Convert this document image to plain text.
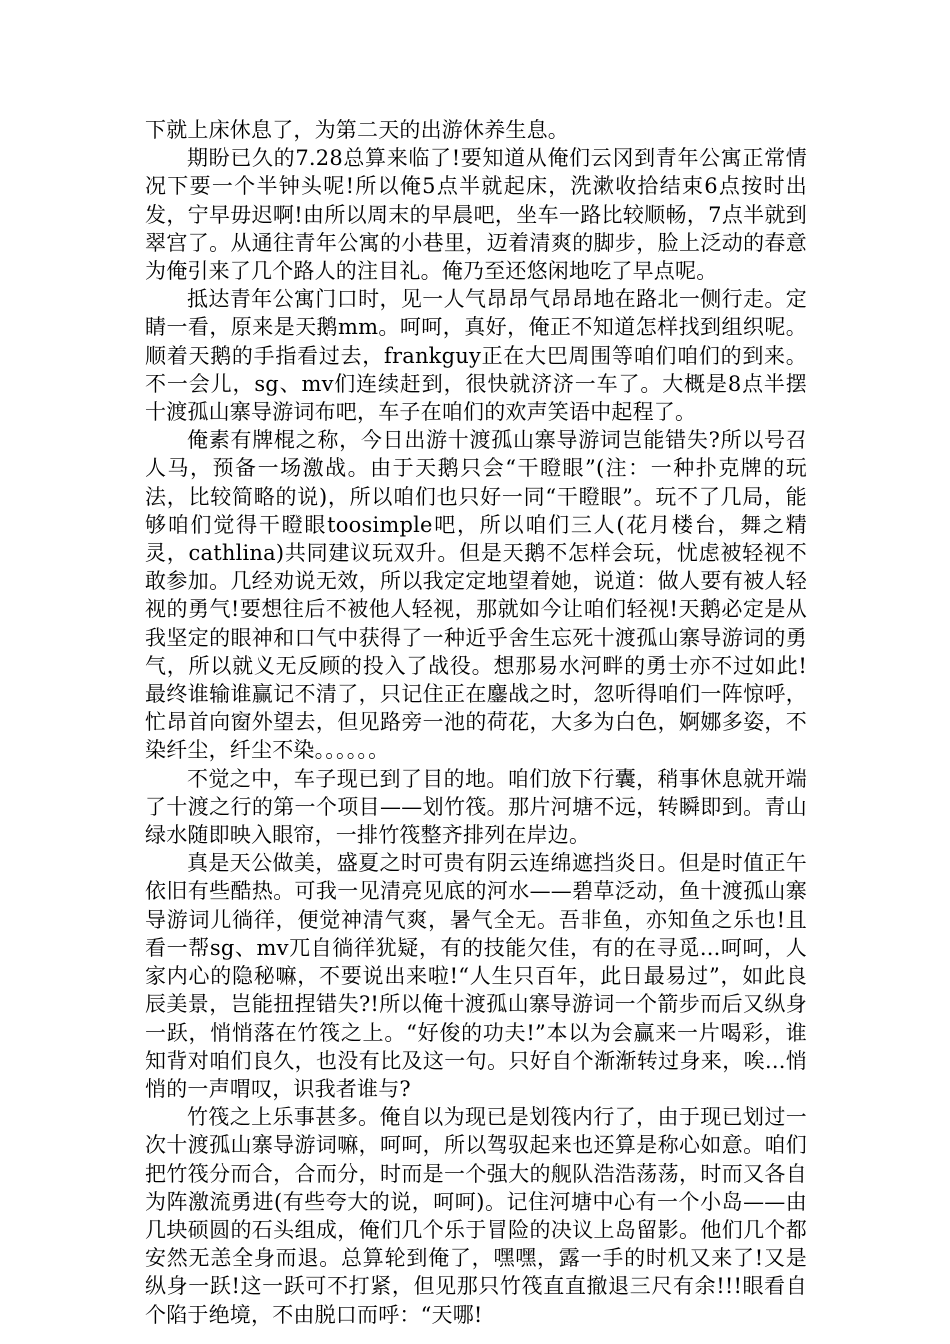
下就上床休息了，为第二天的出游休养生息。

期盼已久的7.28总算来临了!要知道从俺们云冈到青年公寓正常情况下要一个半钟头呢!所以俺5点半就起床，洗漱收拾结束6点按时出发，宁早毋迟啊!由所以周末的早晨吧，坐车一路比较顺畅，7点半就到翠宫了。从通往青年公寓的小巷里，迈着清爽的脚步，脸上泛动的春意为俺引来了几个路人的注目礼。俺乃至还悠闲地吃了早点呢。

抵达青年公寓门口时，见一人气昂昂气昂昂地在路北一侧行走。定睛一看，原来是天鹅mm。呵呵，真好，俺正不知道怎样找到组织呢。顺着天鹅的手指看过去，frankguy正在大巴周围等咱们咱们的到来。不一会儿，sg、mv们连续赶到，很快就济济一车了。大概是8点半摆十渡孤山寨导游词布吧，车子在咱们的欢声笑语中起程了。

俺素有牌棍之称，今日出游十渡孤山寨导游词岂能错失?所以号召人马，预备一场激战。由于天鹅只会“干瞪眼”(注：一种扑克牌的玩法，比较简略的说)，所以咱们也只好一同“干瞪眼”。玩不了几局，能够咱们觉得干瞪眼toosimple吧，所以咱们三人(花月楼台，舞之精灵，cathlina)共同建议玩双升。但是天鹅不怎样会玩，忧虑被轻视不敢参加。几经劝说无效，所以我定定地望着她，说道：做人要有被人轻视的勇气!要想往后不被他人轻视，那就如今让咱们轻视!天鹅必定是从我坚定的眼神和口气中获得了一种近乎舍生忘死十渡孤山寨导游词的勇气，所以就义无反顾的投入了战役。想那易水河畔的勇士亦不过如此!最终谁输谁赢记不清了，只记住正在鏖战之时，忽听得咱们一阵惊呼，忙昂首向窗外望去，但见路旁一池的荷花，大多为白色，婀娜多姿，不染纤尘，纤尘不染。。。。。。

不觉之中，车子现已到了目的地。咱们放下行囊，稍事休息就开端了十渡之行的第一个项目——划竹筏。那片河塘不远，转瞬即到。青山绿水随即映入眼帘，一排竹筏整齐排列在岸边。

真是天公做美，盛夏之时可贵有阴云连绵遮挡炎日。但是时值正午依旧有些酷热。可我一见清亮见底的河水——碧草泛动，鱼十渡孤山寨导游词儿徜徉，便觉神清气爽，暑气全无。吾非鱼，亦知鱼之乐也!且看一帮sg、mv兀自徜徉犹疑，有的技能欠佳，有的在寻觅...呵呵，人家内心的隐秘嘛，不要说出来啦!“人生只百年，此日最易过”，如此良辰美景，岂能扭捏错失?!所以俺十渡孤山寨导游词一个箭步而后又纵身一跃，悄悄落在竹筏之上。“好俊的功夫!”本以为会赢来一片喝彩，谁知背对咱们良久，也没有比及这一句。只好自个渐渐转过身来，唉...悄悄的一声喟叹，识我者谁与?

竹筏之上乐事甚多。俺自以为现已是划筏内行了，由于现已划过一次十渡孤山寨导游词嘛，呵呵，所以驾驭起来也还算是称心如意。咱们把竹筏分而合，合而分，时而是一个强大的舰队浩浩荡荡，时而又各自为阵激流勇进(有些夸大的说，呵呵)。记住河塘中心有一个小岛——由几块硕圆的石头组成，俺们几个乐于冒险的决议上岛留影。他们几个都安然无恙全身而退。总算轮到俺了，嘿嘿，露一手的时机又来了!又是纵身一跃!这一跃可不打紧，但见那只竹筏直直撤退三尺有余!!!眼看自个陷于绝境，不由脱口而呼：“天哪!
